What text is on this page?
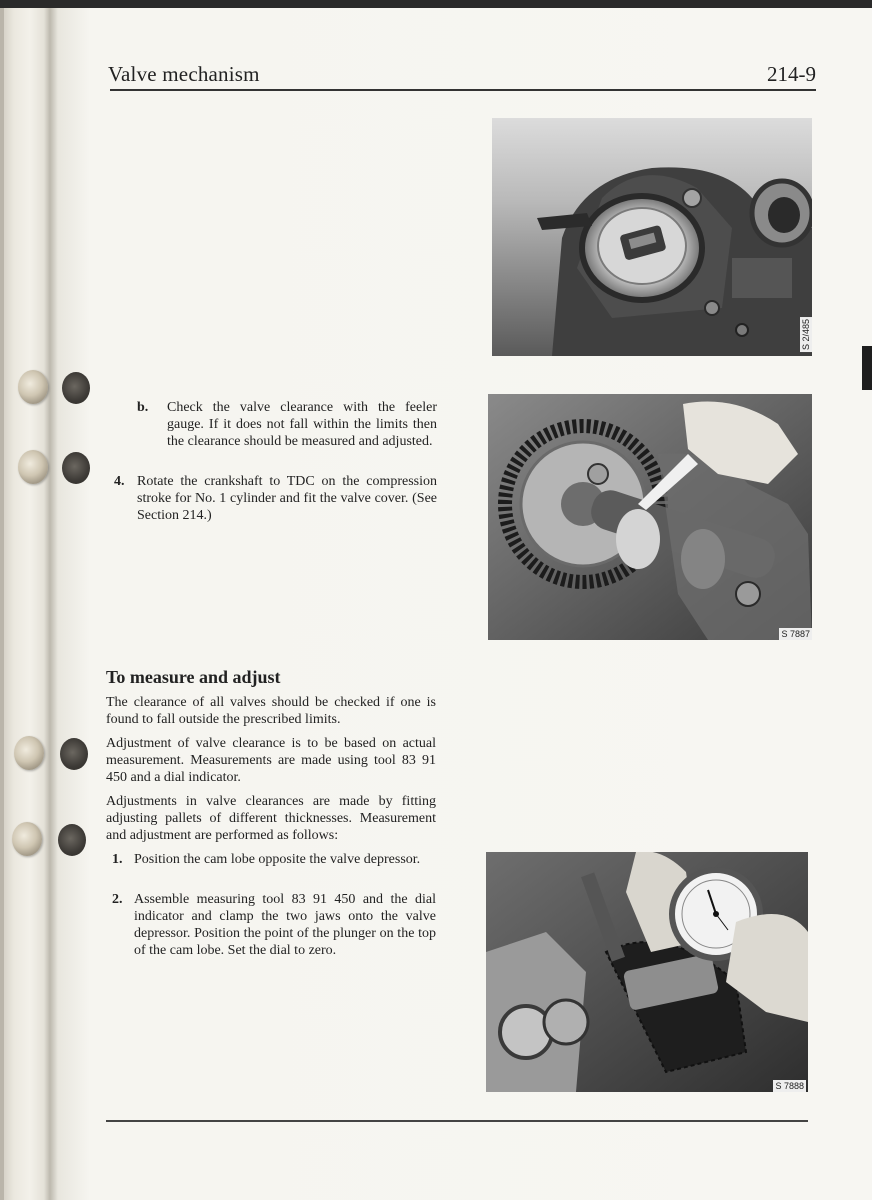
Valve mechanism	214-9
S 2/485
S 7887
S 7888
b. Check the valve clearance with the feeler gauge. If it does not fall within the limits then the clearance should be measured and adjusted.
4. Rotate the crankshaft to TDC on the compression stroke for No. 1 cylinder and fit the valve cover. (See Section 214.)
To measure and adjust
The clearance of all valves should be checked if one is found to fall outside the prescribed limits.
Adjustment of valve clearance is to be based on actual measurement. Measurements are made using tool 83 91 450 and a dial indicator.
Adjustments in valve clearances are made by fitting adjusting pallets of different thicknesses. Measurement and adjustment are performed as follows:
1. Position the cam lobe opposite the valve depressor.
2. Assemble measuring tool 83 91 450 and the dial indicator and clamp the two jaws onto the valve depressor. Position the point of the plunger on the top of the cam lobe. Set the dial to zero.
